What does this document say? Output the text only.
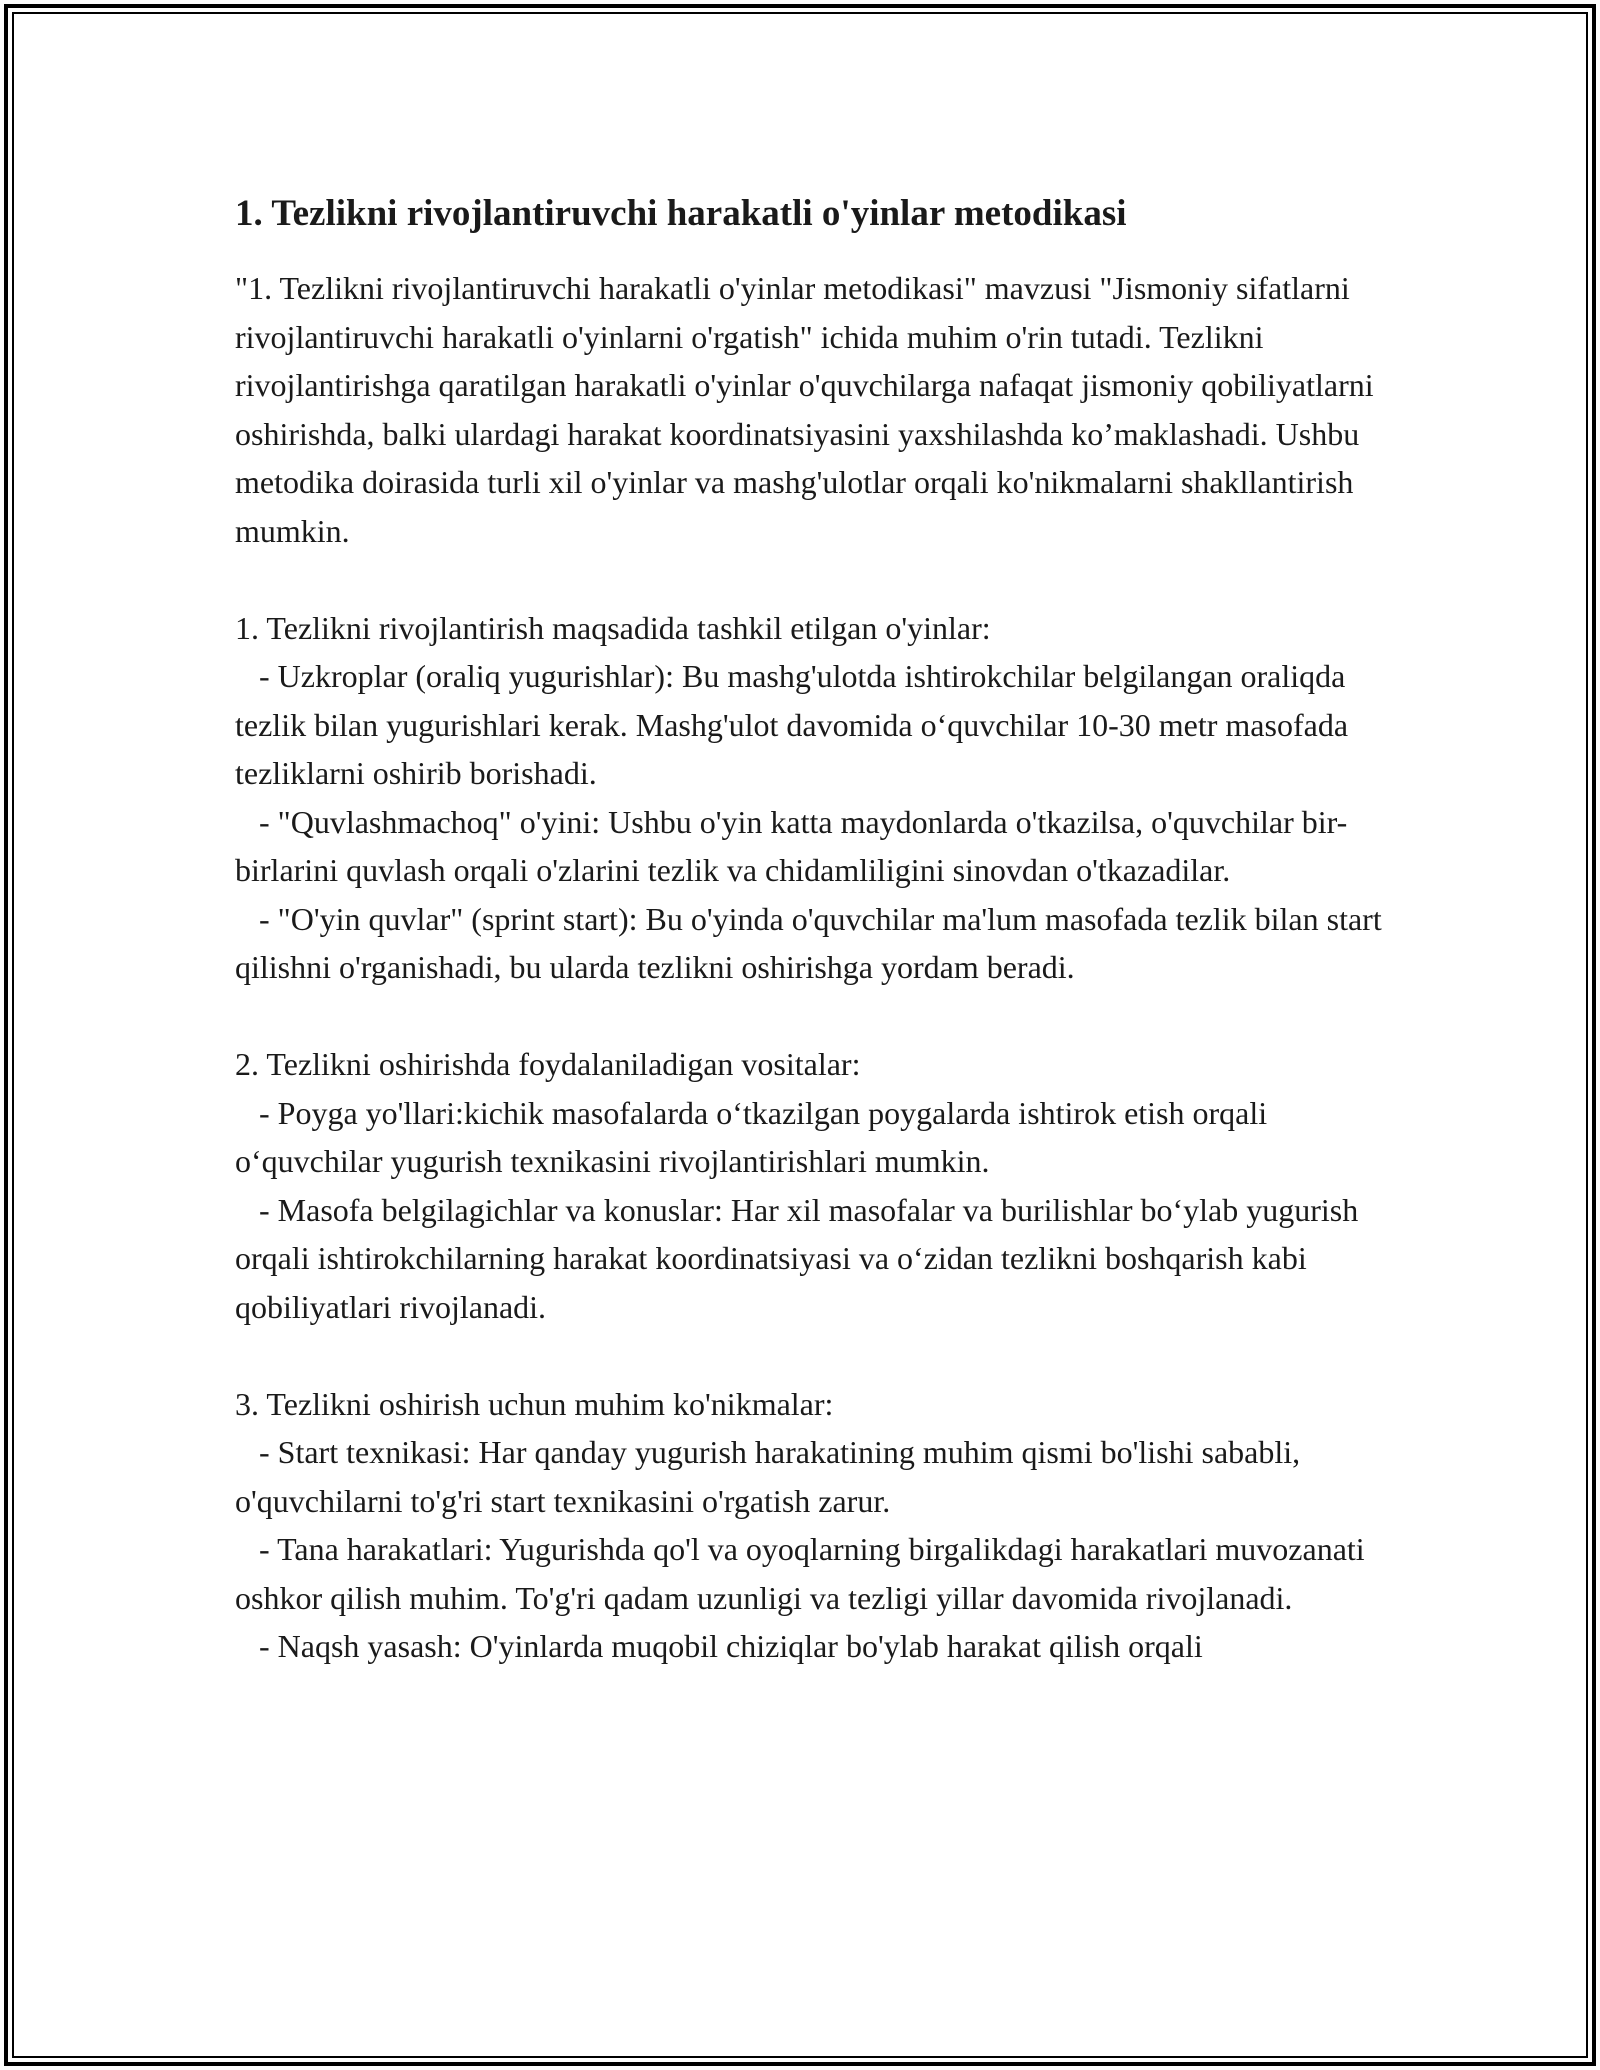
1. Tezlikni rivojlantiruvchi harakatli o'yinlar metodikasi

"1. Tezlikni rivojlantiruvchi harakatli o'yinlar metodikasi" mavzusi "Jismoniy sifatlarni rivojlantiruvchi harakatli o'yinlarni o'rgatish" ichida muhim o'rin tutadi. Tezlikni rivojlantirishga qaratilgan harakatli o'yinlar o'quvchilarga nafaqat jismoniy qobiliyatlarni oshirishda, balki ulardagi harakat koordinatsiyasini yaxshilashda ko’maklashadi. Ushbu metodika doirasida turli xil o'yinlar va mashg'ulotlar orqali ko'nikmalarni shakllantirish mumkin.

1. Tezlikni rivojlantirish maqsadida tashkil etilgan o'yinlar:

- Uzkroplar (oraliq yugurishlar): Bu mashg'ulotda ishtirokchilar belgilangan oraliqda tezlik bilan yugurishlari kerak. Mashg'ulot davomida o‘quvchilar 10-30 metr masofada tezliklarni oshirib borishadi.

- "Quvlashmachoq" o'yini: Ushbu o'yin katta maydonlarda o'tkazilsa, o'quvchilar bir-birlarini quvlash orqali o'zlarini tezlik va chidamliligini sinovdan o'tkazadilar.

- "O'yin quvlar" (sprint start): Bu o'yinda o'quvchilar ma'lum masofada tezlik bilan start qilishni o'rganishadi, bu ularda tezlikni oshirishga yordam beradi.

2. Tezlikni oshirishda foydalaniladigan vositalar:

- Poyga yo'llari:kichik masofalarda o‘tkazilgan poygalarda ishtirok etish orqali o‘quvchilar yugurish texnikasini rivojlantirishlari mumkin.

- Masofa belgilagichlar va konuslar: Har xil masofalar va burilishlar bo‘ylab yugurish orqali ishtirokchilarning harakat koordinatsiyasi va o‘zidan tezlikni boshqarish kabi qobiliyatlari rivojlanadi.

3. Tezlikni oshirish uchun muhim ko'nikmalar:

- Start texnikasi: Har qanday yugurish harakatining muhim qismi bo'lishi sababli, o'quvchilarni to'g'ri start texnikasini o'rgatish zarur.

- Tana harakatlari: Yugurishda qo'l va oyoqlarning birgalikdagi harakatlari muvozanati oshkor qilish muhim. To'g'ri qadam uzunligi va tezligi yillar davomida rivojlanadi.

- Naqsh yasash: O'yinlarda muqobil chiziqlar bo'ylab harakat qilish orqali
